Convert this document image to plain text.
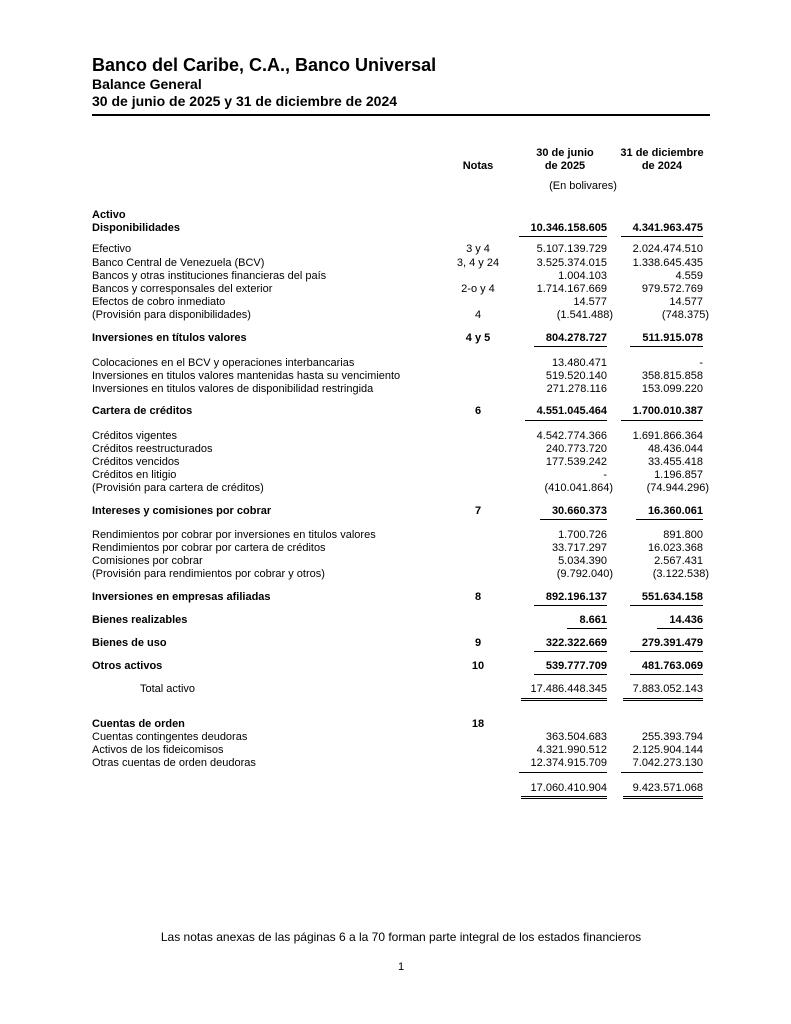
Banco del Caribe, C.A., Banco Universal
Balance General
30 de junio de 2025 y 31 de diciembre de 2024
Notas
30 de junio
de 2025
31 de diciembre
de 2024
(En bolivares)
Activo
Disponibilidades	10.346.158.605	4.341.963.475
Efectivo	3 y 4	5.107.139.729	2.024.474.510
Banco Central de Venezuela (BCV)	3, 4 y 24	3.525.374.015	1.338.645.435
Bancos y otras instituciones financieras del país	1.004.103	4.559
Bancos y corresponsales del exterior	2-o y 4	1.714.167.669	979.572.769
Efectos de cobro inmediato	14.577	14.577
(Provisión para disponibilidades)	4	(1.541.488)	(748.375)
Inversiones en títulos valores	4 y 5	804.278.727	511.915.078
Colocaciones en el BCV y operaciones interbancarias	13.480.471	-
Inversiones en titulos valores mantenidas hasta su vencimiento	519.520.140	358.815.858
Inversiones en titulos valores de disponibilidad restringida	271.278.116	153.099.220
Cartera de créditos	6	4.551.045.464	1.700.010.387
Créditos vigentes	4.542.774.366	1.691.866.364
Créditos reestructurados	240.773.720	48.436.044
Créditos vencidos	177.539.242	33.455.418
Créditos en litigio	-	1.196.857
(Provisión para cartera de créditos)	(410.041.864)	(74.944.296)
Intereses y comisiones por cobrar	7	30.660.373	16.360.061
Rendimientos por cobrar por inversiones en titulos valores	1.700.726	891.800
Rendimientos por cobrar por cartera de créditos	33.717.297	16.023.368
Comisiones por cobrar	5.034.390	2.567.431
(Provisión para rendimientos por cobrar y otros)	(9.792.040)	(3.122.538)
Inversiones en empresas afiliadas	8	892.196.137	551.634.158
Bienes realizables	8.661	14.436
Bienes de uso	9	322.322.669	279.391.479
Otros activos	10	539.777.709	481.763.069
Total activo	17.486.448.345	7.883.052.143
Cuentas de orden	18
Cuentas contingentes deudoras	363.504.683	255.393.794
Activos de los fideicomisos	4.321.990.512	2.125.904.144
Otras cuentas de orden deudoras	12.374.915.709	7.042.273.130
17.060.410.904	9.423.571.068
Las notas anexas de las páginas 6 a la 70 forman parte integral de los estados financieros
1
